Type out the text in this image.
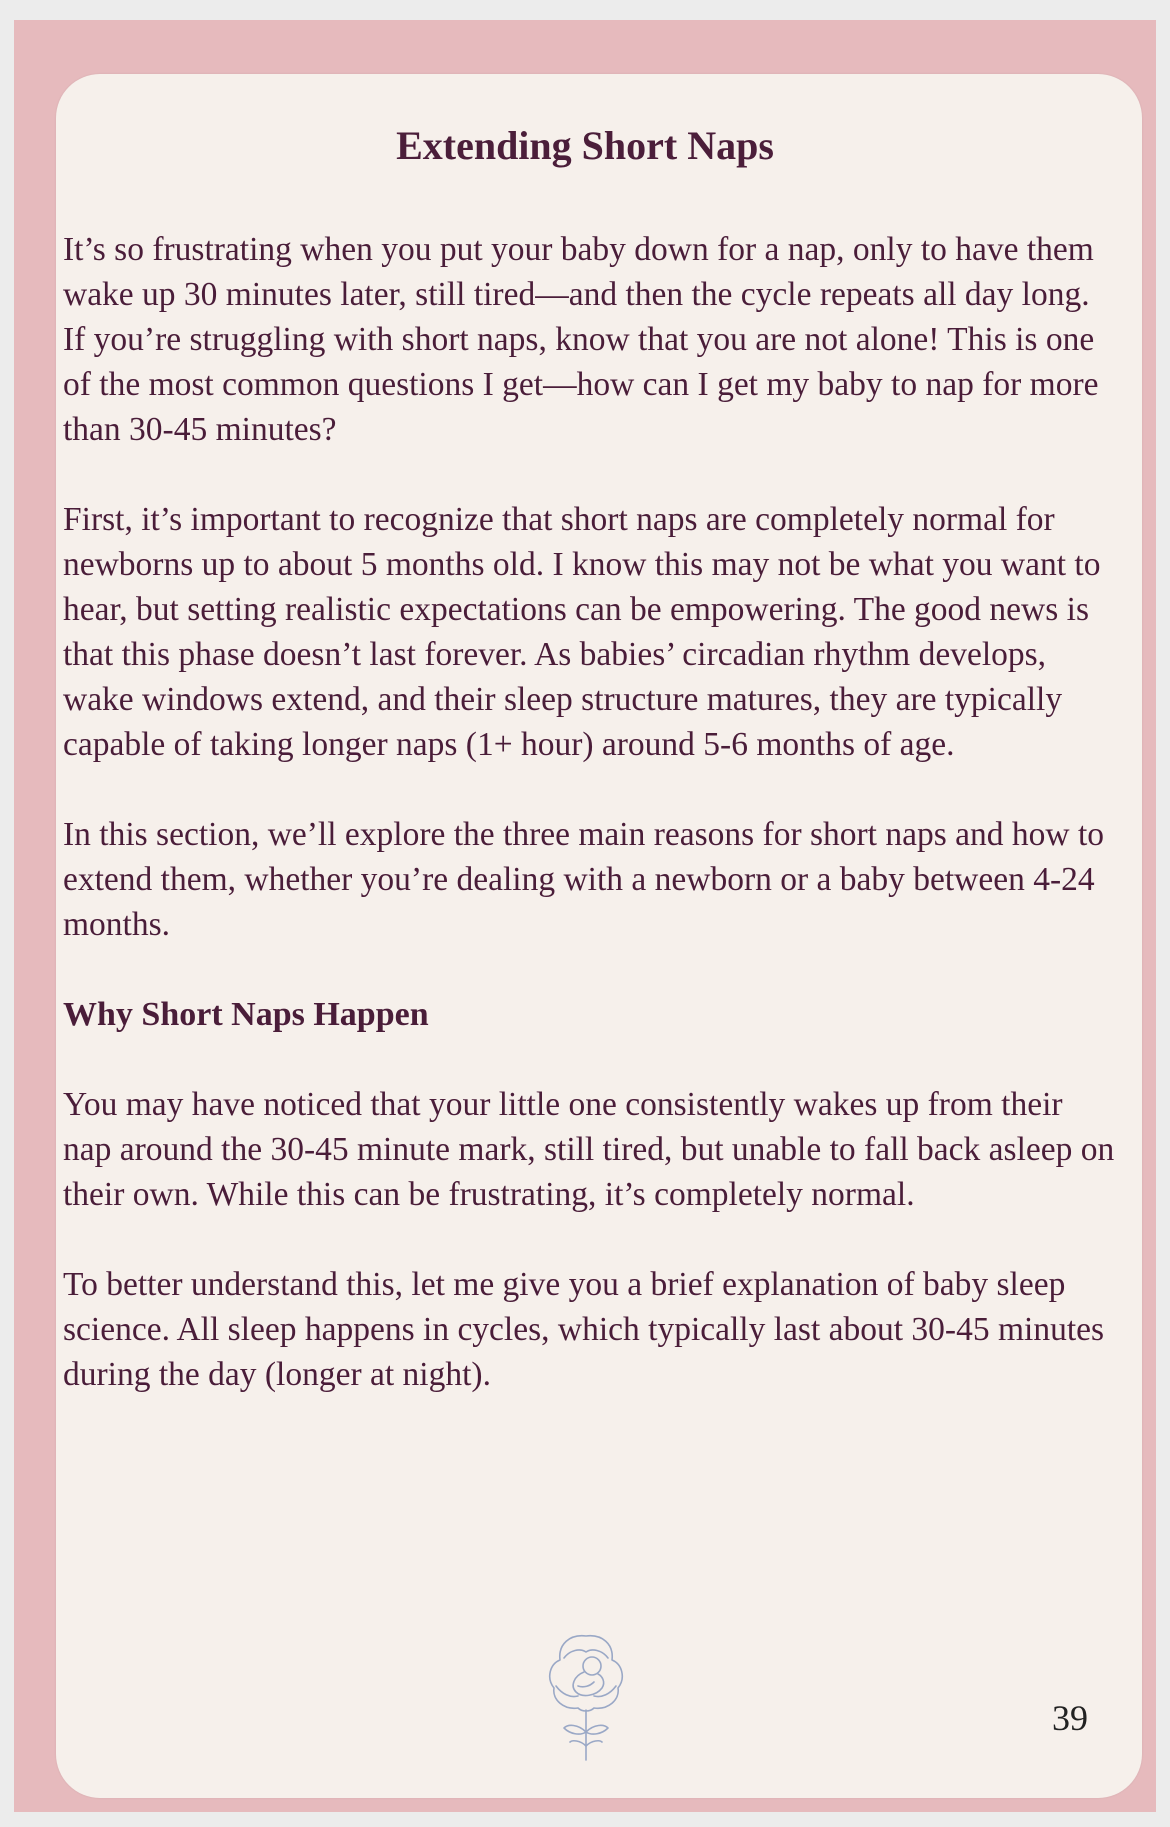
Extending Short Naps

It’s so frustrating when you put your baby down for a nap, only to have them wake up 30 minutes later, still tired—and then the cycle repeats all day long. If you’re struggling with short naps, know that you are not alone! This is one of the most common questions I get—how can I get my baby to nap for more than 30-45 minutes?

First, it’s important to recognize that short naps are completely normal for newborns up to about 5 months old. I know this may not be what you want to hear, but setting realistic expectations can be empowering. The good news is that this phase doesn’t last forever. As babies’ circadian rhythm develops, wake windows extend, and their sleep structure matures, they are typically capable of taking longer naps (1+ hour) around 5-6 months of age.

In this section, we’ll explore the three main reasons for short naps and how to extend them, whether you’re dealing with a newborn or a baby between 4-24 months.

Why Short Naps Happen

You may have noticed that your little one consistently wakes up from their nap around the 30-45 minute mark, still tired, but unable to fall back asleep on their own. While this can be frustrating, it’s completely normal.

To better understand this, let me give you a brief explanation of baby sleep science. All sleep happens in cycles, which typically last about 30-45 minutes during the day (longer at night).

39
